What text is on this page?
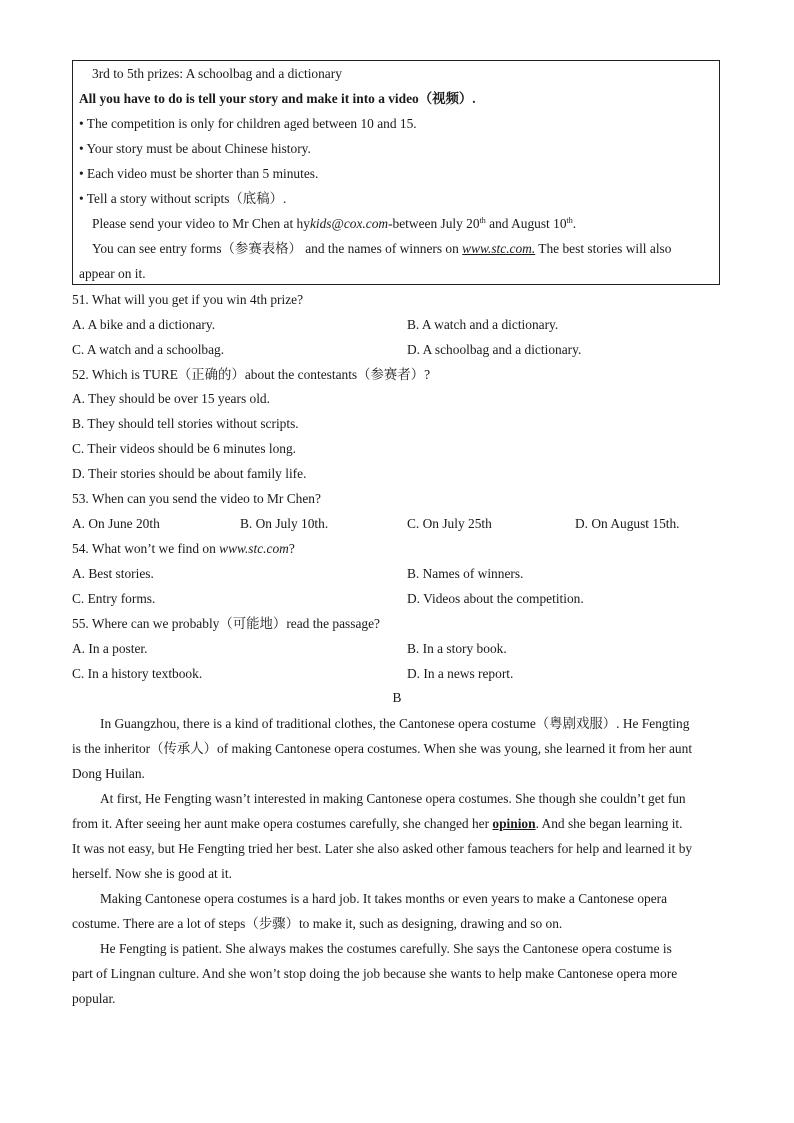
3rd to 5th prizes: A schoolbag and a dictionary
All you have to do is tell your story and make it into a video（视频）.
• The competition is only for children aged between 10 and 15.
• Your story must be about Chinese history.
• Each video must be shorter than 5 minutes.
• Tell a story without scripts（底稿）.
Please send your video to Mr Chen at hykids@cox.com-between July 20th and August 10th.
You can see entry forms（参赛表格） and the names of winners on www.stc.com. The best stories will also
appear on it.
51. What will you get if you win 4th prize?
A. A bike and a dictionary.	B. A watch and a dictionary.
C. A watch and a schoolbag.	D. A schoolbag and a dictionary.
52. Which is TURE（正确的）about the contestants（参赛者）?
A. They should be over 15 years old.
B. They should tell stories without scripts.
C. Their videos should be 6 minutes long.
D. Their stories should be about family life.
53. When can you send the video to Mr Chen?
A. On June 20th	B. On July 10th.	C. On July 25th	D. On August 15th.
54. What won’t we find on www.stc.com?
A. Best stories.	B. Names of winners.
C. Entry forms.	D. Videos about the competition.
55. Where can we probably（可能地）read the passage?
A. In a poster.	B. In a story book.
C. In a history textbook.	D. In a news report.
B
In Guangzhou, there is a kind of traditional clothes, the Cantonese opera costume（粤剧戏服）. He Fengting
is the inheritor（传承人）of making Cantonese opera costumes. When she was young, she learned it from her aunt
Dong Huilan.
At first, He Fengting wasn’t interested in making Cantonese opera costumes. She though she couldn’t get fun
from it. After seeing her aunt make opera costumes carefully, she changed her opinion. And she began learning it.
It was not easy, but He Fengting tried her best. Later she also asked other famous teachers for help and learned it by
herself. Now she is good at it.
Making Cantonese opera costumes is a hard job. It takes months or even years to make a Cantonese opera
costume. There are a lot of steps（步骤）to make it, such as designing, drawing and so on.
He Fengting is patient. She always makes the costumes carefully. She says the Cantonese opera costume is
part of Lingnan culture. And she won’t stop doing the job because she wants to help make Cantonese opera more
popular.
